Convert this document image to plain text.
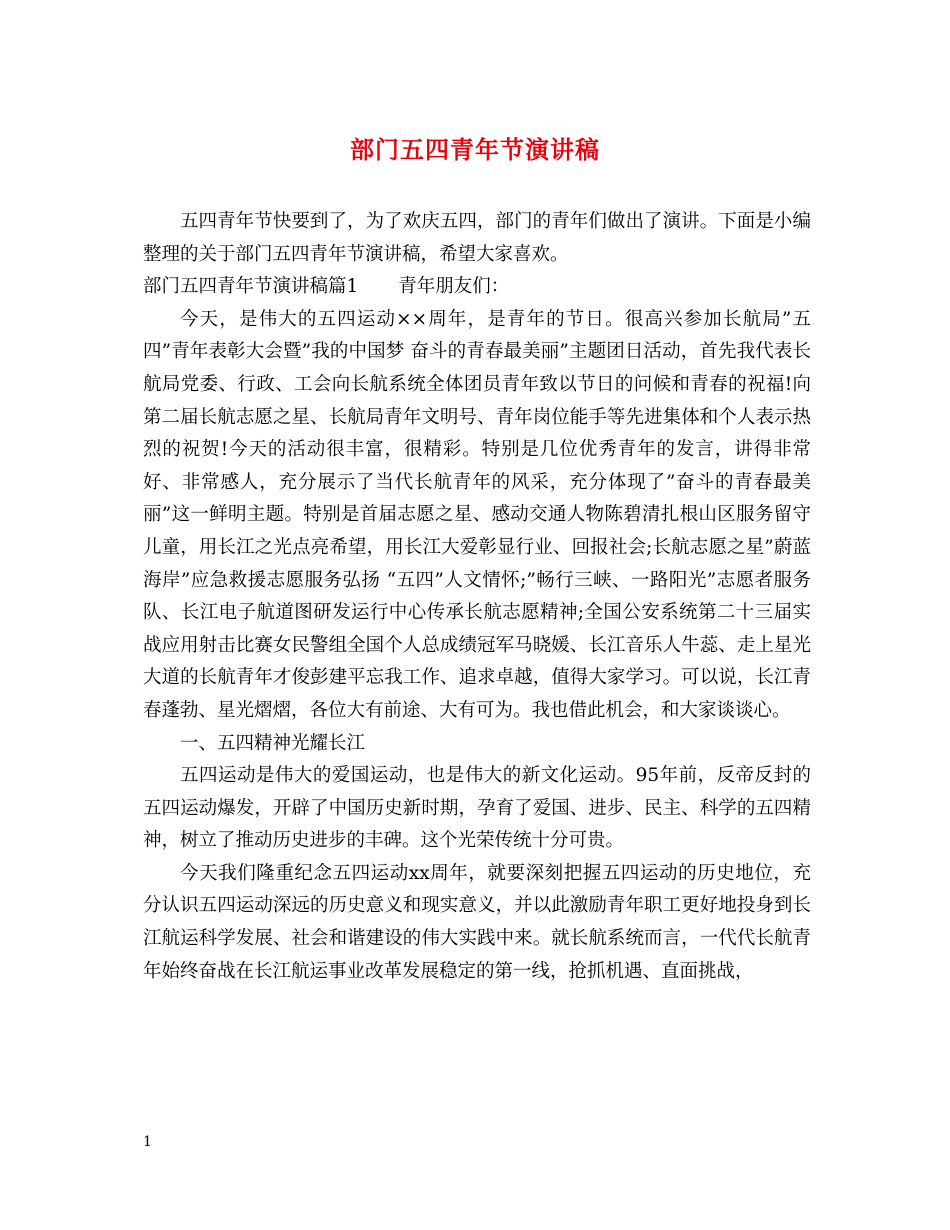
部门五四青年节演讲稿

五四青年节快要到了，为了欢庆五四，部门的青年们做出了演讲。下面是小编整理的关于部门五四青年节演讲稿，希望大家喜欢。

部门五四青年节演讲稿篇1 青年朋友们：

今天，是伟大的五四运动××周年，是青年的节日。很高兴参加长航局”五四”青年表彰大会暨”我的中国梦 奋斗的青春最美丽”主题团日活动，首先我代表长航局党委、行政、工会向长航系统全体团员青年致以节日的问候和青春的祝福!向第二届长航志愿之星、长航局青年文明号、青年岗位能手等先进集体和个人表示热烈的祝贺!今天的活动很丰富，很精彩。特别是几位优秀青年的发言，讲得非常好、非常感人，充分展示了当代长航青年的风采，充分体现了”奋斗的青春最美丽”这一鲜明主题。特别是首届志愿之星、感动交通人物陈碧清扎根山区服务留守儿童，用长江之光点亮希望，用长江大爱彰显行业、回报社会;长航志愿之星”蔚蓝海岸”应急救援志愿服务弘扬 “五四”人文情怀;”畅行三峡、一路阳光”志愿者服务队、长江电子航道图研发运行中心传承长航志愿精神;全国公安系统第二十三届实战应用射击比赛女民警组全国个人总成绩冠军马晓媛、长江音乐人牛蕊、走上星光大道的长航青年才俊彭建平忘我工作、追求卓越，值得大家学习。可以说，长江青春蓬勃、星光熠熠，各位大有前途、大有可为。我也借此机会，和大家谈谈心。

一、五四精神光耀长江

五四运动是伟大的爱国运动，也是伟大的新文化运动。95年前，反帝反封的五四运动爆发，开辟了中国历史新时期，孕育了爱国、进步、民主、科学的五四精神，树立了推动历史进步的丰碑。这个光荣传统十分可贵。

今天我们隆重纪念五四运动xx周年，就要深刻把握五四运动的历史地位，充分认识五四运动深远的历史意义和现实意义，并以此激励青年职工更好地投身到长江航运科学发展、社会和谐建设的伟大实践中来。就长航系统而言，一代代长航青年始终奋战在长江航运事业改革发展稳定的第一线，抢抓机遇、直面挑战，

1
